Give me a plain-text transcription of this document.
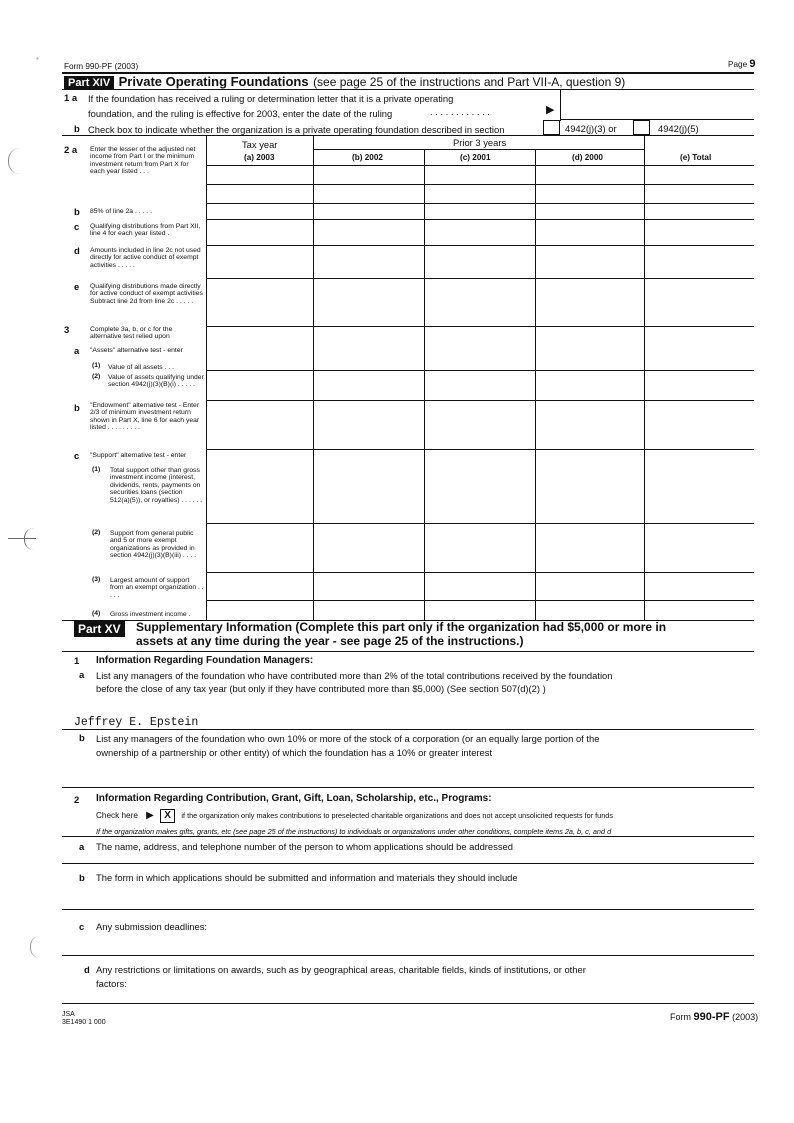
Form 990-PF (2003)	Page 9
Part XIV Private Operating Foundations (see page 25 of the instructions and Part VII-A, question 9)
1 a If the foundation has received a ruling or determination letter that it is a private operating
foundation, and the ruling is effective for 2003, enter the date of the ruling	. . . . . . . . . . . .	▶
b Check box to indicate whether the organization is a private operating foundation described in section	4942(j)(3) or	4942(j)(5)
Tax year	Prior 3 years
(a) 2003	(b) 2002	(c) 2001	(d) 2000	(e) Total
2 a Enter the lesser of the adjusted net income from Part I or the minimum investment return from Part X for each year listed . . .
b 85% of line 2a . . . . .
c Qualifying distributions from Part XII, line 4 for each year listed .
d Amounts included in line 2c not used directly for active conduct of exempt activities . . . . .
e Qualifying distributions made directly for active conduct of exempt activities Subtract line 2d from line 2c . . . . .
3	Complete 3a, b, or c for the alternative test relied upon
a "Assets" alternative test - enter
(1) Value of all assets . . .
(2) Value of assets qualifying under section 4942(j)(3)(B)(i) . . . . .
b "Endowment" alternative test - Enter 2/3 of minimum investment return shown in Part X, line 6 for each year listed . . . . . . . . .
c "Support" alternative test - enter
(1) Total support other than gross investment income (interest, dividends, rents, payments on securities loans (section 512(a)(5)), or royalties) . . . . . .
(2) Support from general public and 5 or more exempt organizations as provided in section 4942(j)(3)(B)(iii) . . . .
(3) Largest amount of support from an exempt organization . . . . .
(4) Gross investment income .
Part XV	Supplementary Information (Complete this part only if the organization had $5,000 or more in
assets at any time during the year - see page 25 of the instructions.)
1 Information Regarding Foundation Managers:
a List any managers of the foundation who have contributed more than 2% of the total contributions received by the foundation
before the close of any tax year (but only if they have contributed more than $5,000) (See section 507(d)(2) )
Jeffrey E. Epstein
b List any managers of the foundation who own 10% or more of the stock of a corporation (or an equally large portion of the
ownership of a partnership or other entity) of which the foundation has a 10% or greater interest
2 Information Regarding Contribution, Grant, Gift, Loan, Scholarship, etc., Programs:
Check here ▶ X if the organization only makes contributions to preselected charitable organizations and does not accept unsolicited requests for funds
If the organization makes gifts, grants, etc (see page 25 of the instructions) to individuals or organizations under other conditions, complete items 2a, b, c, and d
a The name, address, and telephone number of the person to whom applications should be addressed
b The form in which applications should be submitted and information and materials they should include
c Any submission deadlines:
d Any restrictions or limitations on awards, such as by geographical areas, charitable fields, kinds of institutions, or other
factors:
JSA
3E1490 1 000
Form 990-PF (2003)
•
